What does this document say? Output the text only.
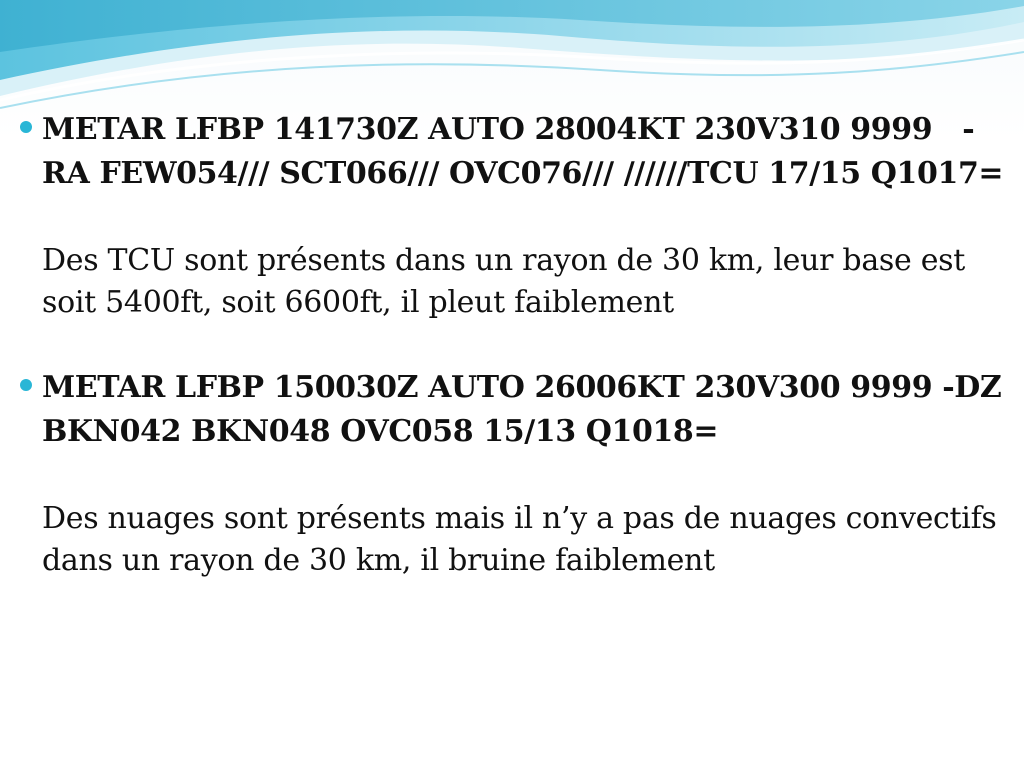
METAR LFBP 141730Z AUTO 28004KT 230V310 9999   -RA FEW054/// SCT066/// OVC076/// //////TCU 17/15 Q1017=

Des TCU sont présents dans un rayon de 30 km, leur base est soit 5400ft, soit 6600ft, il pleut faiblement

METAR LFBP 150030Z AUTO 26006KT 230V300 9999 -DZ BKN042 BKN048 OVC058 15/13 Q1018=

Des nuages sont présents mais il n’y a pas de nuages convectifs dans un rayon de 30 km, il bruine faiblement
